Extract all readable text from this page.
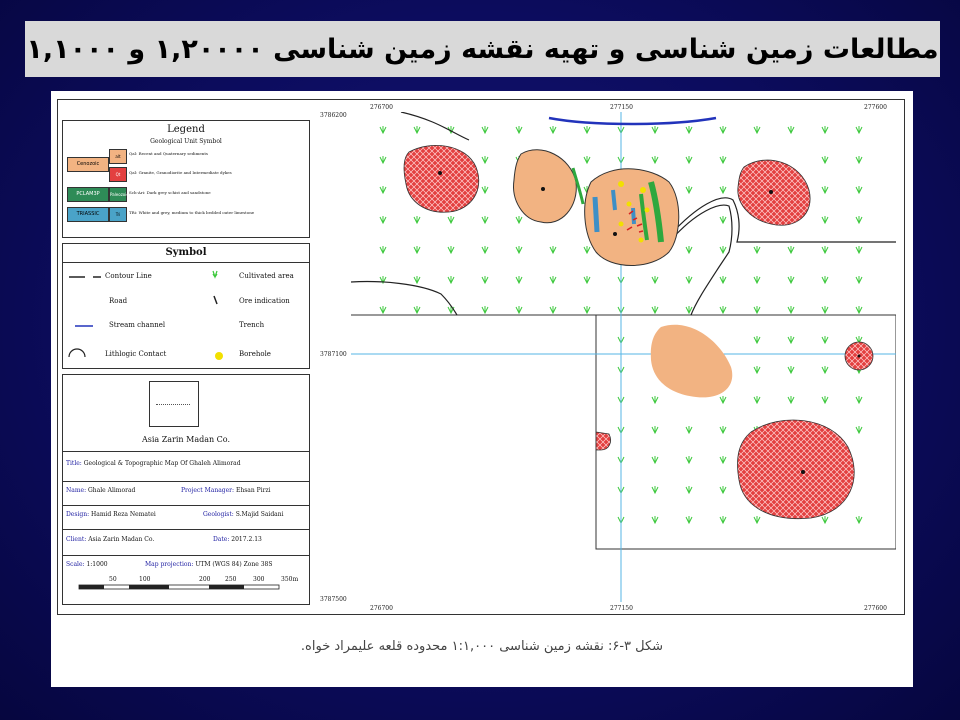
مطالعات زمین شناسی و تهیه نقشه زمین شناسی ۱,۲۰۰۰۰ و ۱,۱۰۰۰
Legend
Geological Unit Symbol
Cenozoic
alt
Qal: Recent and Quaternary sediments
Qt	Qal: Granite, Granodiorite and Intermediate dykes
PCLAM3P	Paleozoic Sch-Ari: Dark grey schist and sandstone
TRIASSIC	Tri	TRi: White and grey, medium to thick bedded outer limestone
Symbol
Contour Line	Cultivated area
Road	Ore indication
Stream channel	Trench
Lithlogic Contact	Borehole
Asia Zarin Madan Co.
Title: Geological & Topographic Map Of Ghaleh Alimorad
Name: Ghale Alimorad	Project Manager: Ehsan Pirzi
Design: Hamid Reza Nematei	Geologist: S.Majid Saidani
Client: Asia Zarin Madan Co.	Date: 2017.2.13
Scale: 1:1000	Map projection: UTM (WGS 84) Zone 38S
50	100	200 250	300	350m
276700	277150	277600
276700	277150	277600
3786200
3787100
3787500
شکل ۳-۶: نقشه زمین شناسی ۱:۱,۰۰۰ محدوده قلعه علیمراد خواه.
